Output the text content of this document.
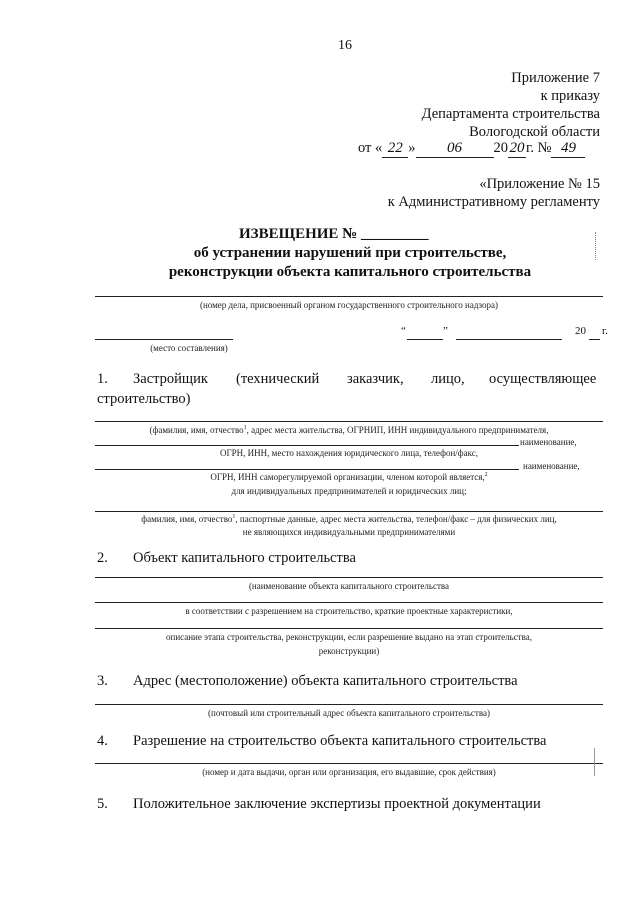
16
Приложение 7
к приказу
Департамента строительства
Вологодской области
от « 22 » 06 20 20 г. № 49
«Приложение № 15
к Административному регламенту
ИЗВЕЩЕНИЕ № _________
об устранении нарушений при строительстве,
реконструкции объекта капитального строительства
(номер дела, присвоенный органом государственного строительного надзора)
(место составления)
“	”	20 г.
1. Застройщик (технический заказчик, лицо, осуществляющее
строительство)
(фамилия, имя, отчество$^1$, адрес места жительства, ОГРНИП, ИНН индивидуального предпринимателя,
наименование,
ОГРН, ИНН, место нахождения юридического лица, телефон/факс,
наименование,
ОГРН, ИНН саморегулируемой организации, членом которой является,$^2$
для индивидуальных предпринимателей и юридических лиц;
фамилия, имя, отчество$^1$, паспортные данные, адрес места жительства, телефон/факс – для физических лиц,
не являющихся индивидуальными предпринимателями
2. Объект капитального строительства
(наименование объекта капитального строительства
в соответствии с разрешением на строительство, краткие проектные характеристики,
описание этапа строительства, реконструкции, если разрешение выдано на этап строительства,
реконструкции)
3. Адрес (местоположение) объекта капитального строительства
(почтовый или строительный адрес объекта капитального строительства)
4. Разрешение на строительство объекта капитального строительства
(номер и дата выдачи, орган или организация, его выдавшие, срок действия)
5. Положительное заключение экспертизы проектной документации
